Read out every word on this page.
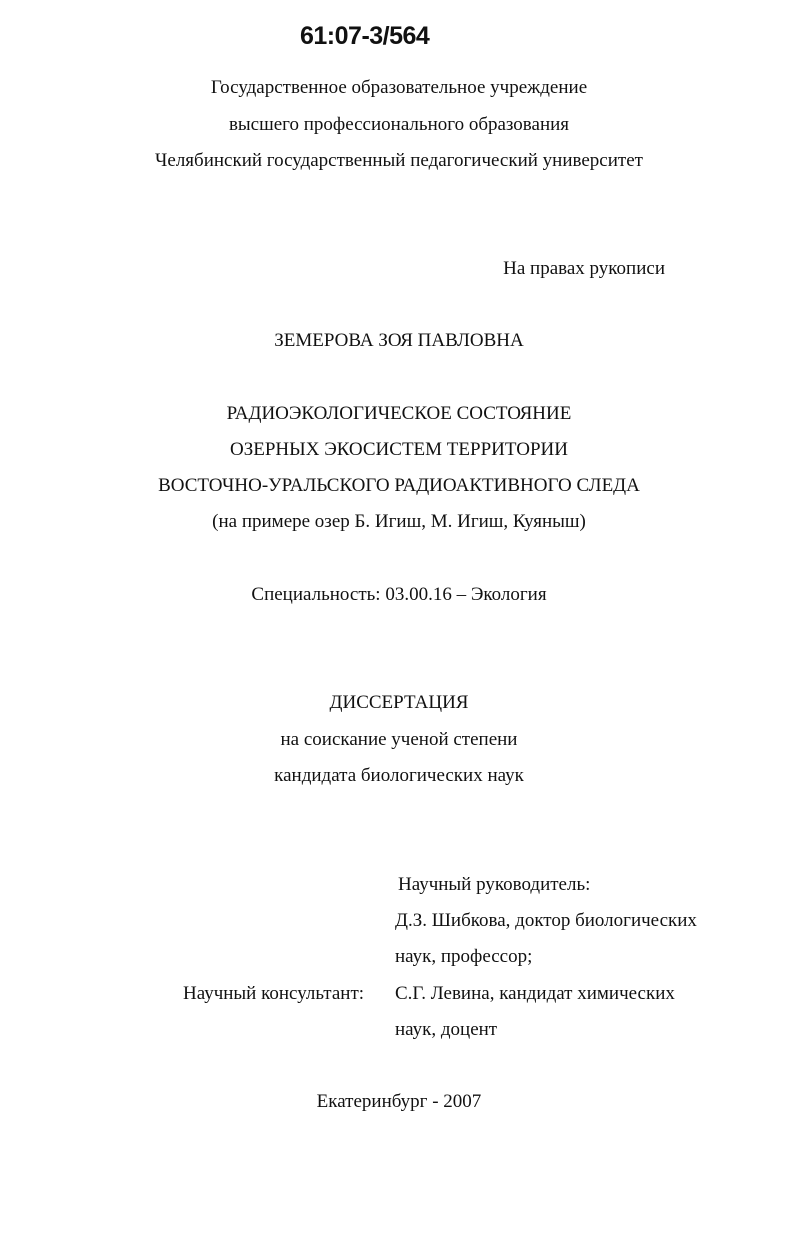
61:07-3/564
Государственное образовательное учреждение
высшего профессионального образования
Челябинский государственный педагогический университет
На правах рукописи
ЗЕМЕРОВА ЗОЯ ПАВЛОВНА
РАДИОЭКОЛОГИЧЕСКОЕ СОСТОЯНИЕ
ОЗЕРНЫХ ЭКОСИСТЕМ ТЕРРИТОРИИ
ВОСТОЧНО-УРАЛЬСКОГО РАДИОАКТИВНОГО СЛЕДА
(на примере озер Б. Игиш, М. Игиш, Куяныш)
Специальность: 03.00.16 – Экология
ДИССЕРТАЦИЯ
на соискание ученой степени
кандидата биологических наук
Научный руководитель:
Д.З. Шибкова, доктор биологических
наук, профессор;
Научный консультант: С.Г. Левина, кандидат химических
наук, доцент
Екатеринбург - 2007
